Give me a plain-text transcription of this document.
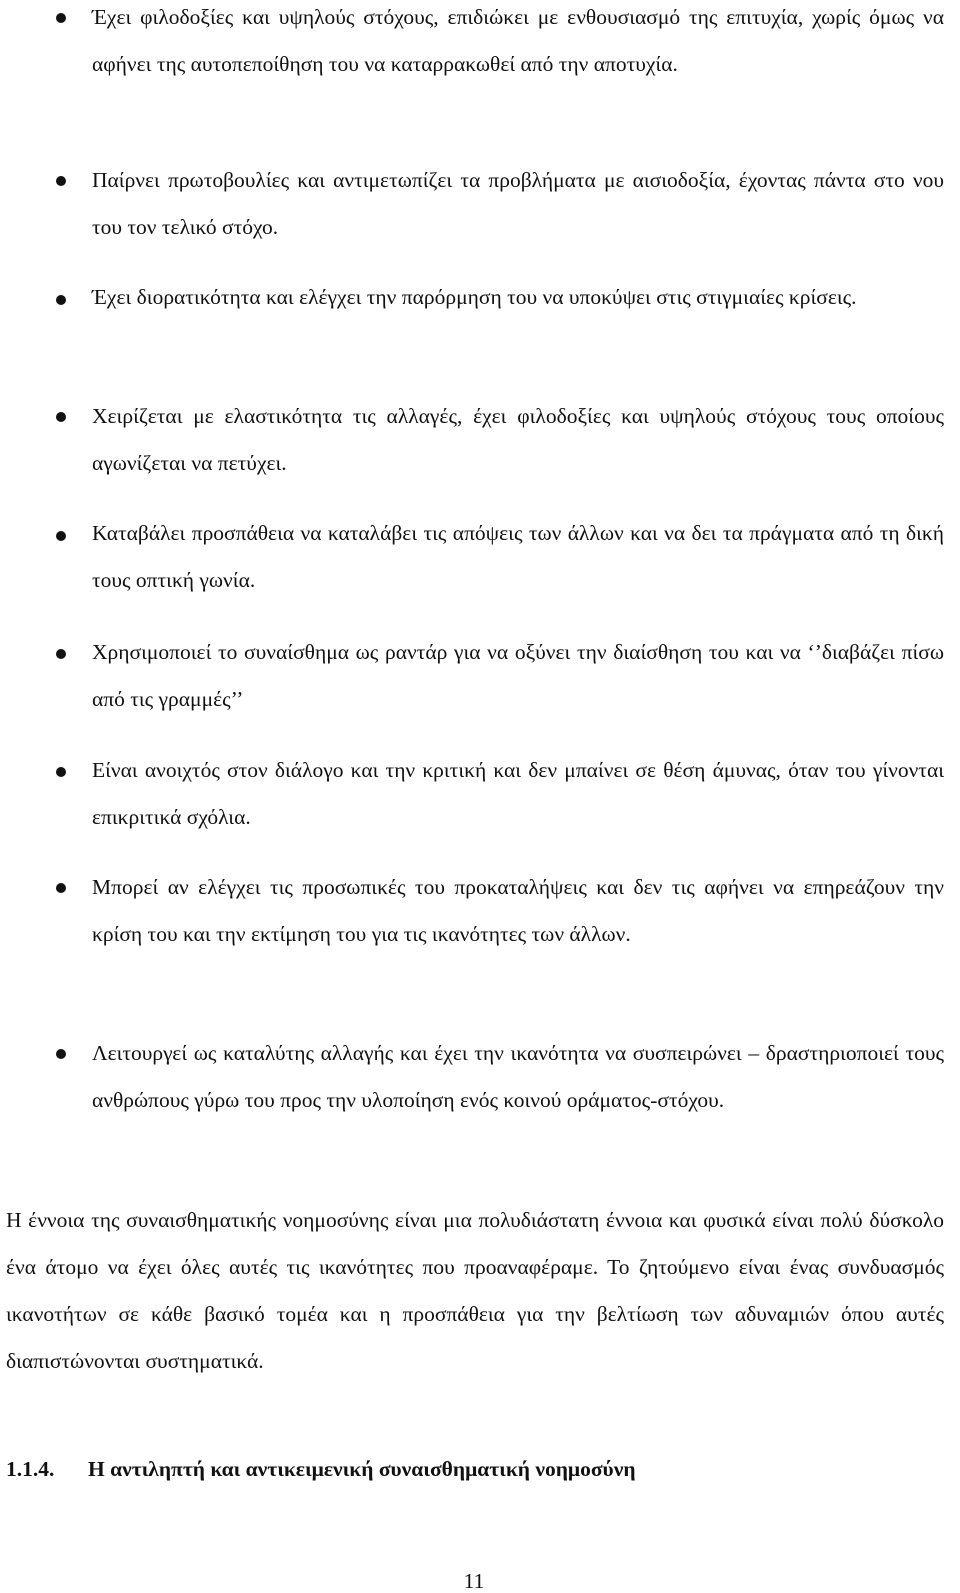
Έχει φιλοδοξίες και υψηλούς στόχους, επιδιώκει με ενθουσιασμό της επιτυχία, χωρίς όμως να αφήνει της αυτοπεποίθηση του να καταρρακωθεί από την αποτυχία.
Παίρνει πρωτοβουλίες και αντιμετωπίζει τα προβλήματα με αισιοδοξία, έχοντας πάντα στο νου του τον τελικό στόχο.
Έχει διορατικότητα και ελέγχει την παρόρμηση του να υποκύψει στις στιγμιαίες κρίσεις.
Χειρίζεται με ελαστικότητα τις αλλαγές, έχει φιλοδοξίες και υψηλούς στόχους τους οποίους αγωνίζεται να πετύχει.
Καταβάλει προσπάθεια να καταλάβει τις απόψεις των άλλων και να δει τα πράγματα από τη δική τους οπτική γωνία.
Χρησιμοποιεί το συναίσθημα ως ραντάρ για να οξύνει την διαίσθηση του και να ‘’διαβάζει πίσω από τις γραμμές’’
Είναι ανοιχτός στον διάλογο και την κριτική και δεν μπαίνει σε θέση άμυνας, όταν του γίνονται επικριτικά σχόλια.
Μπορεί αν ελέγχει τις προσωπικές του προκαταλήψεις και δεν τις αφήνει να επηρεάζουν την κρίση του και την εκτίμηση του για τις ικανότητες των άλλων.
Λειτουργεί ως καταλύτης αλλαγής και έχει την ικανότητα να συσπειρώνει – δραστηριοποιεί τους ανθρώπους γύρω του προς την υλοποίηση ενός κοινού οράματος-στόχου.
Η έννοια της συναισθηματικής νοημοσύνης είναι μια πολυδιάστατη έννοια και φυσικά είναι πολύ δύσκολο ένα άτομο να έχει όλες αυτές τις ικανότητες που προαναφέραμε. Το ζητούμενο είναι ένας συνδυασμός ικανοτήτων σε κάθε βασικό τομέα και η προσπάθεια για την βελτίωση των αδυναμιών όπου αυτές διαπιστώνονται συστηματικά.
1.1.4. Η αντιληπτή και αντικειμενική συναισθηματική νοημοσύνη
11
